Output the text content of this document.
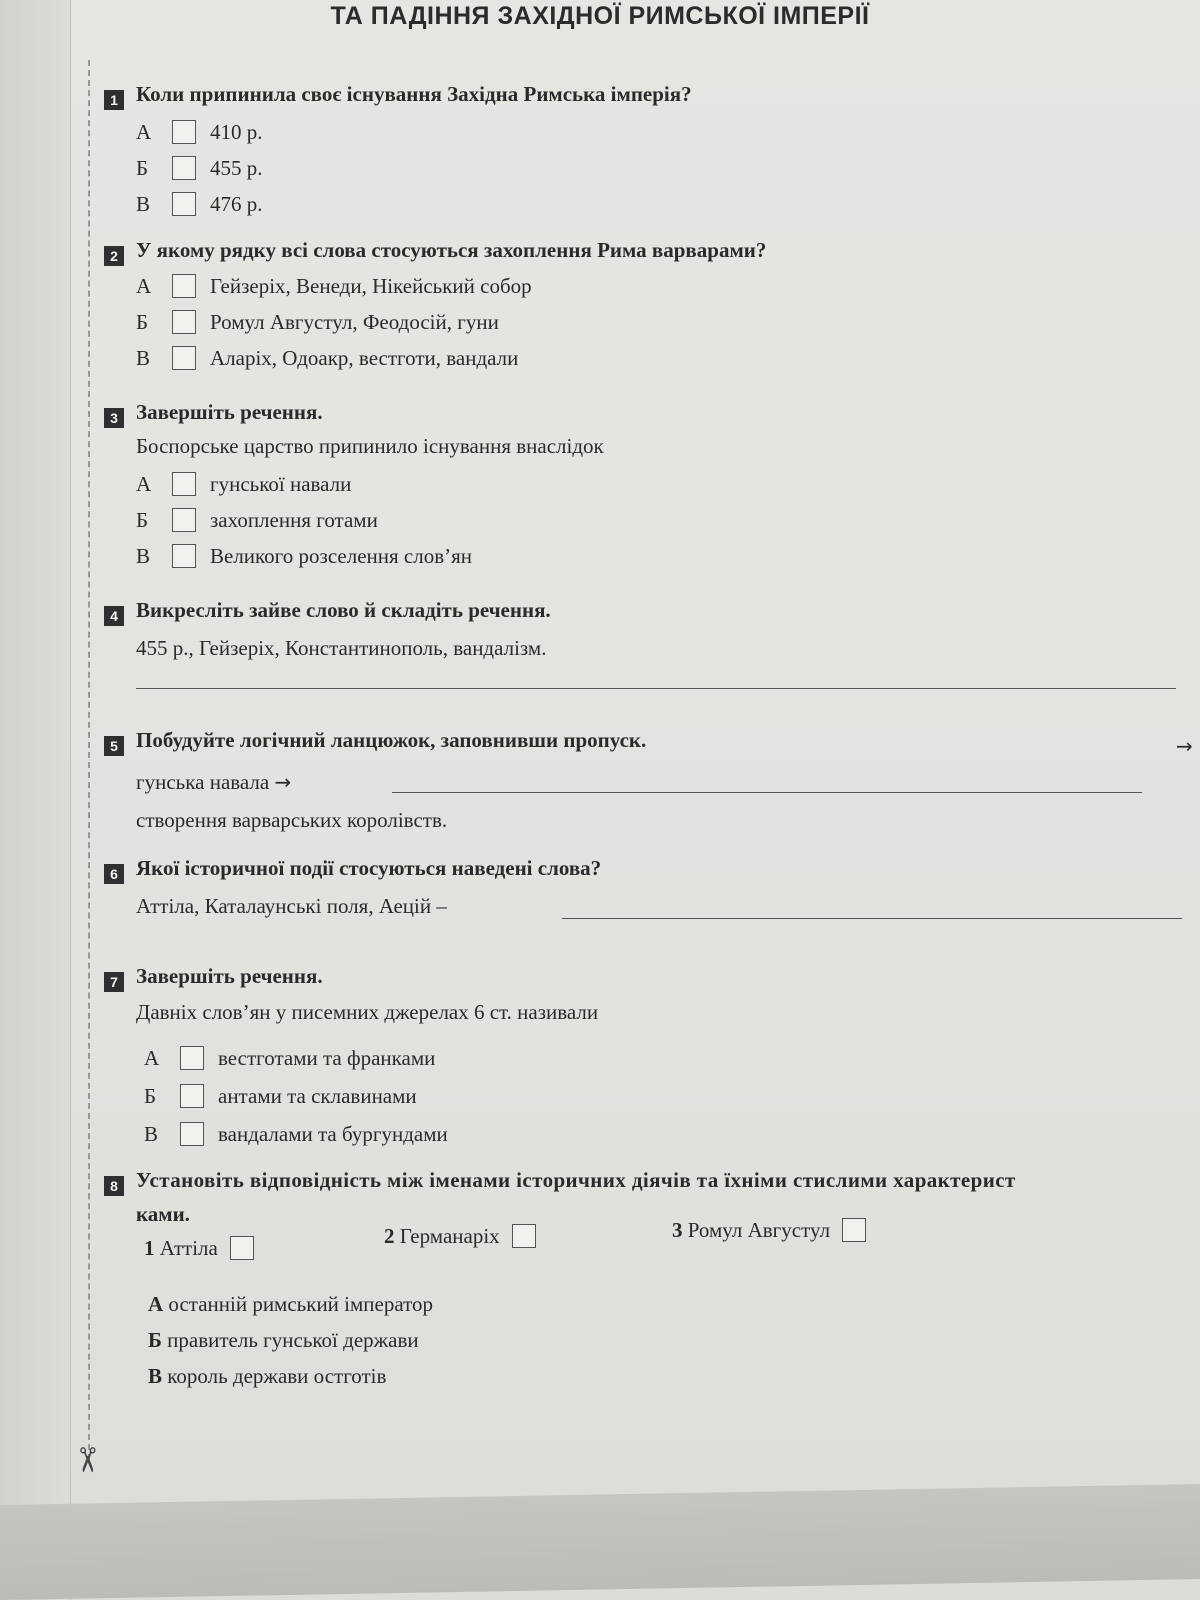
✂
ТА ПАДІННЯ ЗАХІДНОЇ РИМСЬКОЇ ІМПЕРІЇ
1 Коли припинила своє існування Західна Римська імперія?
А	410 р.
Б	455 р.
В	476 р.
2 У якому рядку всі слова стосуються захоплення Рима варварами?
А	Гейзеріх, Венеди, Нікейський собор
Б	Ромул Августул, Феодосій, гуни
В	Аларіх, Одоакр, вестготи, вандали
3 Завершіть речення.
Боспорське царство припинило існування внаслідок
А	гунської навали
Б	захоплення готами
В	Великого розселення слов’ян
4 Викресліть зайве слово й складіть речення.
455 р., Гейзеріх, Константинополь, вандалізм.
5 Побудуйте логічний ланцюжок, заповнивши пропуск.
гунська навала →
→
створення варварських королівств.
6 Якої історичної події стосуються наведені слова?
Аттіла, Каталаунські поля, Аецій –
7 Завершіть речення.
Давніх слов’ян у писемних джерелах 6 ст. називали
А	вестготами та франками
Б	антами та склавинами
В	вандалами та бургундами
8 Установіть відповідність між іменами історичних діячів та їхніми стислими характерист
ками.
1 Аттіла	2 Германаріх	3 Ромул Августул
А останній римський імператор
Б правитель гунської держави
В король держави остготів
